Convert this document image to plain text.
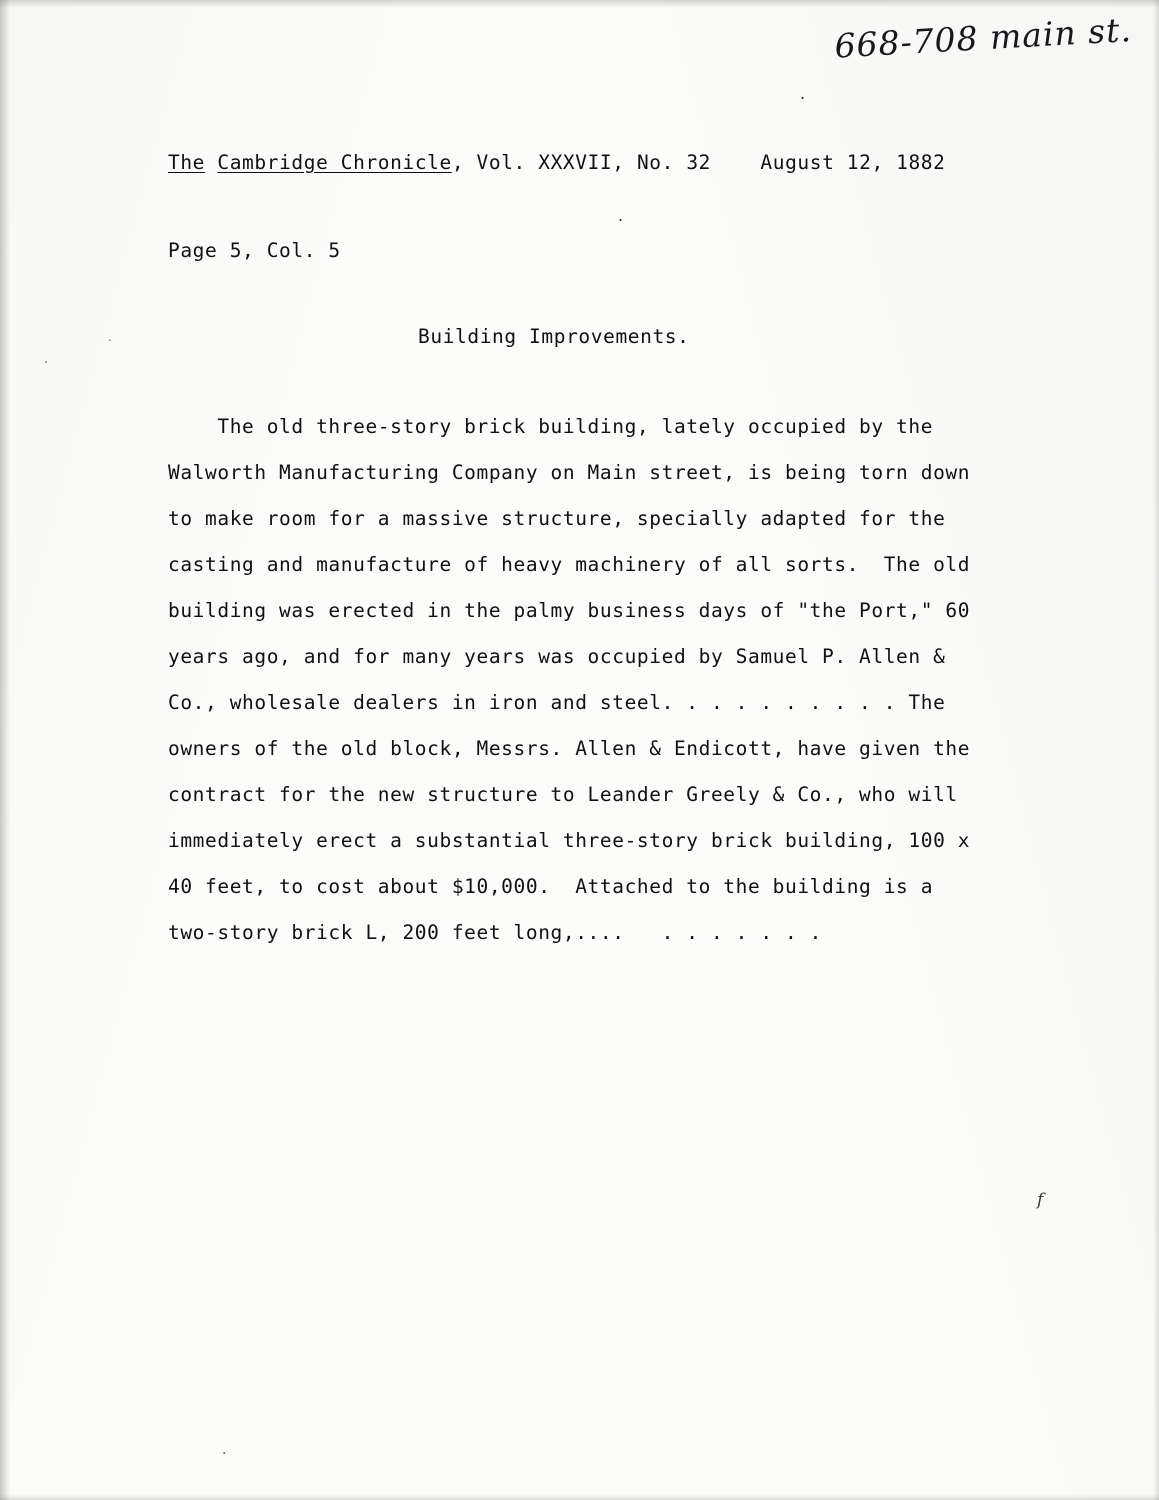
668-708 main st.
The Cambridge Chronicle, Vol. XXXVII, No. 32	August 12, 1882
Page 5, Col. 5
Building Improvements.

The old three-story brick building, lately occupied by the

Walworth Manufacturing Company on Main street, is being torn down

to make room for a massive structure, specially adapted for the

casting and manufacture of heavy machinery of all sorts.  The old

building was erected in the palmy business days of "the Port," 60

years ago, and for many years was occupied by Samuel P. Allen &

Co., wholesale dealers in iron and steel. . . . . . . . . . The

owners of the old block, Messrs. Allen & Endicott, have given the

contract for the new structure to Leander Greely & Co., who will

immediately erect a substantial three-story brick building, 100 x

40 feet, to cost about $10,000.  Attached to the building is a

two-story brick L, 200 feet long,....   . . . . . . .

.
.
f
.
.
.
